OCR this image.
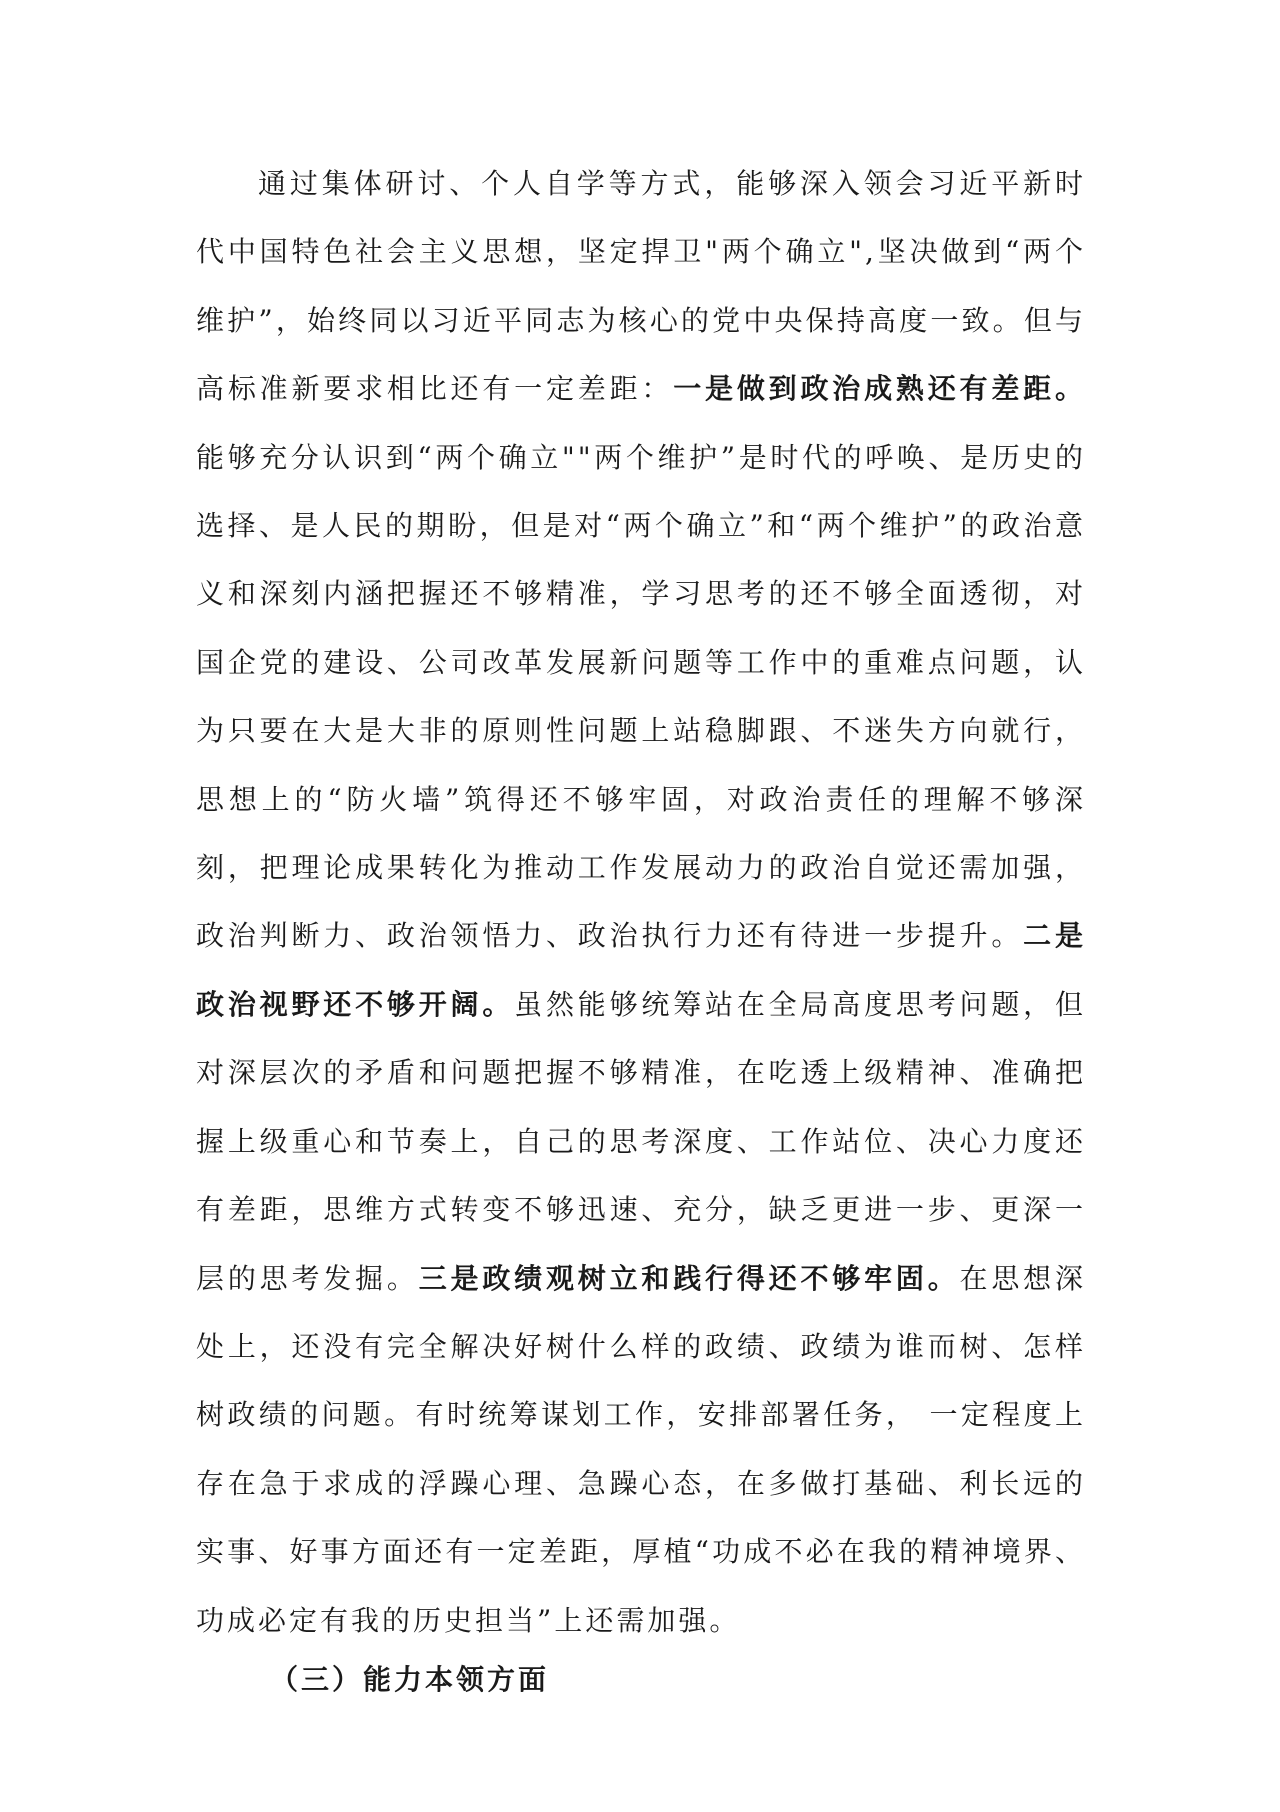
通过集体研讨、个人自学等方式，能够深入领会习近平新时代中国特色社会主义思想，坚定捍卫"两个确立",坚决做到“两个维护”，始终同以习近平同志为核心的党中央保持高度一致。但与高标准新要求相比还有一定差距：一是做到政治成熟还有差距。能够充分认识到“两个确立""两个维护”是时代的呼唤、是历史的选择、是人民的期盼，但是对“两个确立”和“两个维护”的政治意义和深刻内涵把握还不够精准，学习思考的还不够全面透彻，对国企党的建设、公司改革发展新问题等工作中的重难点问题，认为只要在大是大非的原则性问题上站稳脚跟、不迷失方向就行，思想上的“防火墙”筑得还不够牢固，对政治责任的理解不够深刻，把理论成果转化为推动工作发展动力的政治自觉还需加强，政治判断力、政治领悟力、政治执行力还有待进一步提升。二是政治视野还不够开阔。虽然能够统筹站在全局高度思考问题，但对深层次的矛盾和问题把握不够精准，在吃透上级精神、准确把握上级重心和节奏上，自己的思考深度、工作站位、决心力度还有差距，思维方式转变不够迅速、充分，缺乏更进一步、更深一层的思考发掘。三是政绩观树立和践行得还不够牢固。在思想深处上，还没有完全解决好树什么样的政绩、政绩为谁而树、怎样树政绩的问题。有时统筹谋划工作，安排部署任务， 一定程度上存在急于求成的浮躁心理、急躁心态，在多做打基础、利长远的实事、好事方面还有一定差距，厚植“功成不必在我的精神境界、功成必定有我的历史担当”上还需加强。

（三）能力本领方面
